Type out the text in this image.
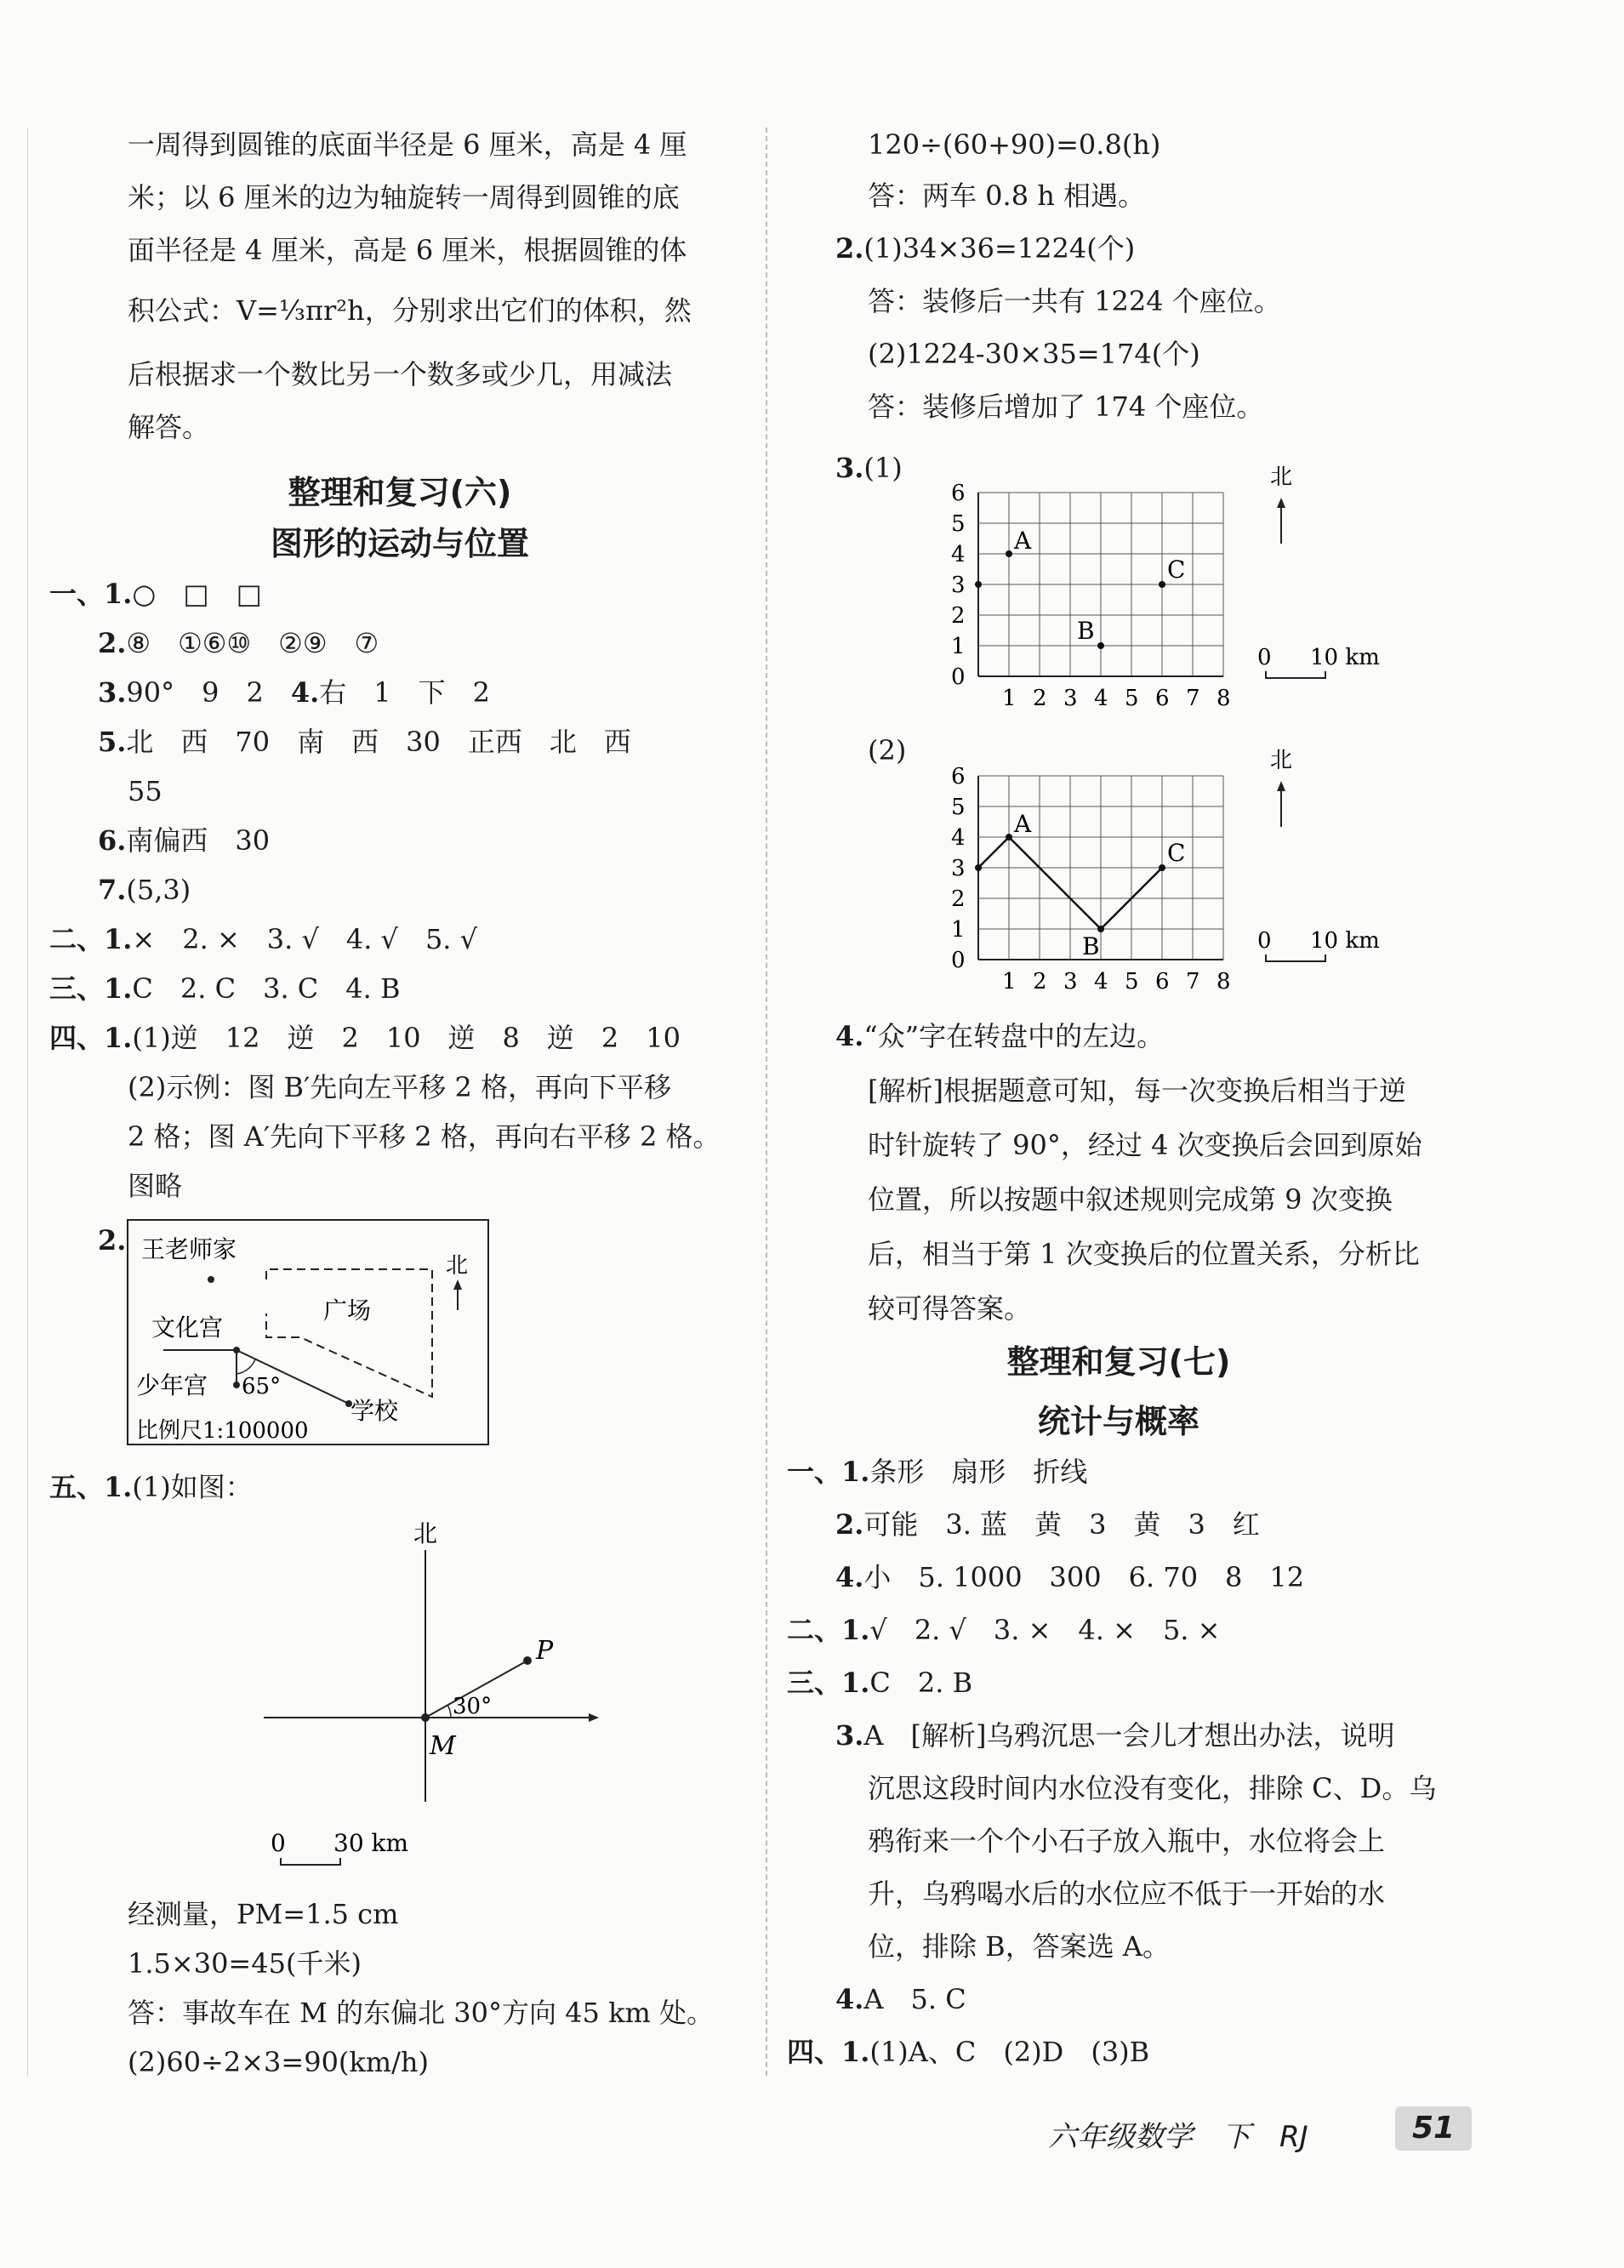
一周得到圆锥的底面半径是 6 厘米，高是 4 厘
米；以 6 厘米的边为轴旋转一周得到圆锥的底
面半径是 4 厘米，高是 6 厘米，根据圆锥的体
积公式：V=⅓πr²h，分别求出它们的体积，然
后根据求一个数比另一个数多或少几，用减法
解答。
整理和复习(六)
图形的运动与位置
一、1.○　□　□
2.⑧　①⑥⑩　②⑨　⑦
3.90°　9　2　4.右　1　下　2
5.北　西　70　南　西　30　正西　北　西
55
6.南偏西　30
7.(5,3)
二、1.×　2. ×　3. √　4. √　5. √
三、1.C　2. C　3. C　4. B
四、1.(1)逆　12　逆　2　10　逆　8　逆　2　10
(2)示例：图 B′先向左平移 2 格，再向下平移
2 格；图 A′先向下平移 2 格，再向右平移 2 格。
图略
2. 王老师家
广场
北
文化宫
少年宫 65°
学校
比例尺1:100000
五、1.(1)如图：
北
P
M
30°
0 30 km
经测量，PM=1.5 cm
1.5×30=45(千米)
答：事故车在 M 的东偏北 30°方向 45 km 处。
(2)60÷2×3=90(km/h)
120÷(60+90)=0.8(h)
答：两车 0.8 h 相遇。
2.(1)34×36=1224(个)
答：装修后一共有 1224 个座位。
(2)1224-30×35=174(个)
答：装修后增加了 174 个座位。
3.(1)
1 2 3 4 5 6 7 8
0
1
2
3
4
5
6
A
B
C
北
0 10 km
(2)
1 2 3 4 5 6 7 8
0
1
2
3
4
5
6
A
B
C
北
0 10 km
4.“众”字在转盘中的左边。
[解析]根据题意可知，每一次变换后相当于逆
时针旋转了 90°，经过 4 次变换后会回到原始
位置，所以按题中叙述规则完成第 9 次变换
后，相当于第 1 次变换后的位置关系，分析比
较可得答案。
整理和复习(七)
统计与概率
一、1.条形　扇形　折线
2.可能　3. 蓝　黄　3　黄　3　红
4.小　5. 1000　300　6. 70　8　12
二、1.√　2. √　3. ×　4. ×　5. ×
三、1.C　2. B
3.A　[解析]乌鸦沉思一会儿才想出办法，说明
沉思这段时间内水位没有变化，排除 C、D。乌
鸦衔来一个个小石子放入瓶中，水位将会上
升，乌鸦喝水后的水位应不低于一开始的水
位，排除 B，答案选 A。
4.A　5. C
四、1.(1)A、C　(2)D　(3)B
六年级数学　下　RJ	51
